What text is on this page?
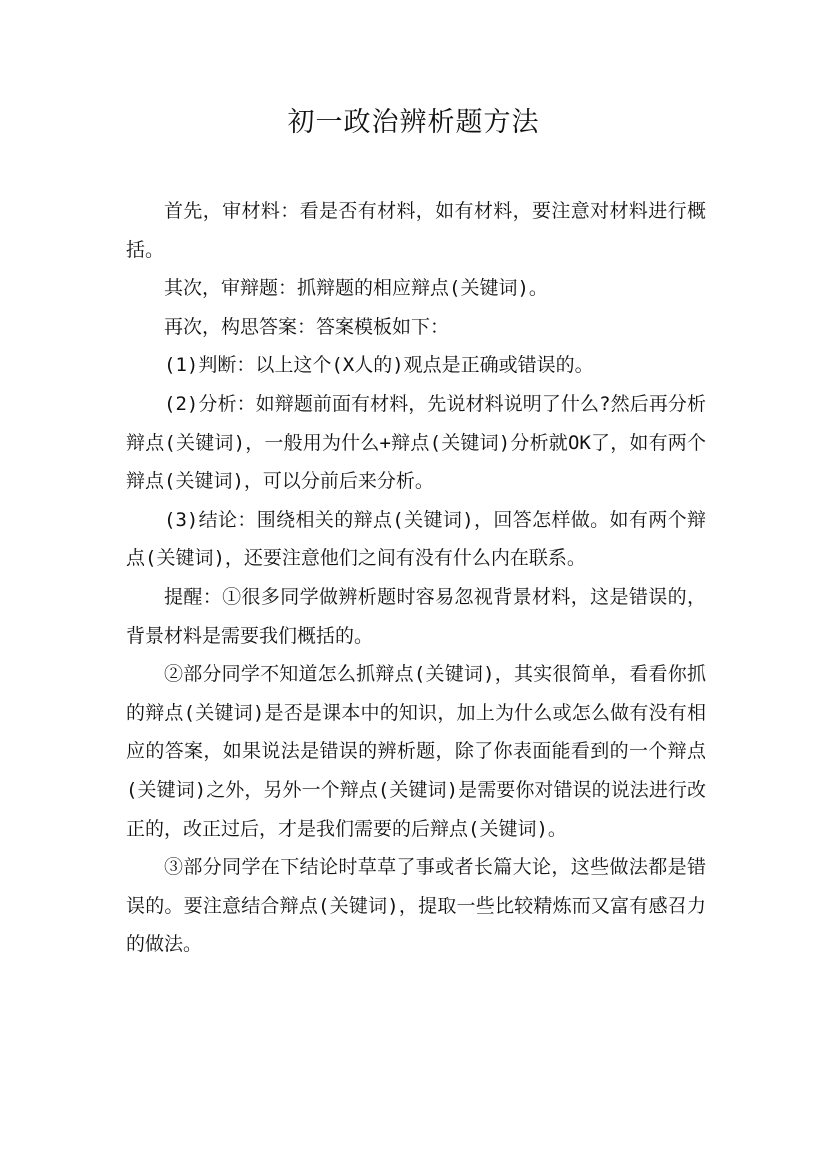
初一政治辨析题方法

首先，审材料：看是否有材料，如有材料，要注意对材料进行概括。

其次，审辩题：抓辩题的相应辩点(关键词)。

再次，构思答案：答案模板如下：

(1)判断：以上这个(X人的)观点是正确或错误的。

(2)分析：如辩题前面有材料，先说材料说明了什么?然后再分析辩点(关键词)，一般用为什么+辩点(关键词)分析就OK了，如有两个辩点(关键词)，可以分前后来分析。

(3)结论：围绕相关的辩点(关键词)，回答怎样做。如有两个辩点(关键词)，还要注意他们之间有没有什么内在联系。

提醒：①很多同学做辨析题时容易忽视背景材料，这是错误的，背景材料是需要我们概括的。

②部分同学不知道怎么抓辩点(关键词)，其实很简单，看看你抓的辩点(关键词)是否是课本中的知识，加上为什么或怎么做有没有相应的答案，如果说法是错误的辨析题，除了你表面能看到的一个辩点(关键词)之外，另外一个辩点(关键词)是需要你对错误的说法进行改正的，改正过后，才是我们需要的后辩点(关键词)。

③部分同学在下结论时草草了事或者长篇大论，这些做法都是错误的。要注意结合辩点(关键词)，提取一些比较精炼而又富有感召力的做法。
